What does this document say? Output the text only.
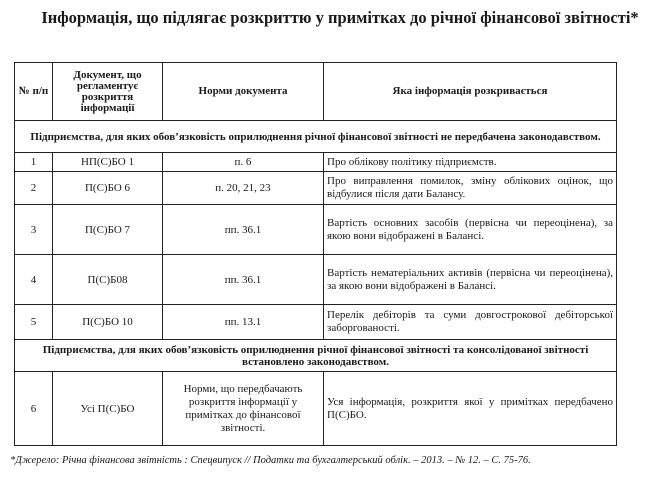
Інформація, що підлягає розкриттю у примітках до річної фінансової звітності*
№ п/п	Документ, що регламентує розкриття інформації	Норми документа	Яка інформація розкривається
Підприємства, для яких обов’язковість оприлюднення річної фінансової звітності не передбачена законодавством.			
1	НП(С)БО 1	п. 6	Про облікову політику підприємств.
2	П(С)БО 6	п. 20, 21, 23	Про виправлення помилок, зміну облікових оцінок, що відбулися після дати Балансу.
3	П(С)БО 7	пп. 36.1	Вартість основних засобів (первісна чи переоцінена), за якою вони відображені в Балансі.
4	П(С)Б08	пп. 36.1	Вартість нематеріальних активів (первісна чи переоцінена), за якою вони відображені в Балансі.
5	П(С)БО 10	пп. 13.1	Перелік дебіторів та суми довгострокової дебіторської заборгованості.
Підприємства, для яких обов’язковість оприлюднення річної фінансової звітності та консолідованої звітності встановлено законодавством.			
6	Усі П(С)БО	Норми, що передбачають розкриття інформації у примітках до фінансової звітності.	Уся інформація, розкриття якої у примітках передбачено П(С)БО.
*Джерело: Річна фінансова звітність : Спецвипуск // Податки та бухгалтерський облік. – 2013. – № 12. – С. 75-76.
